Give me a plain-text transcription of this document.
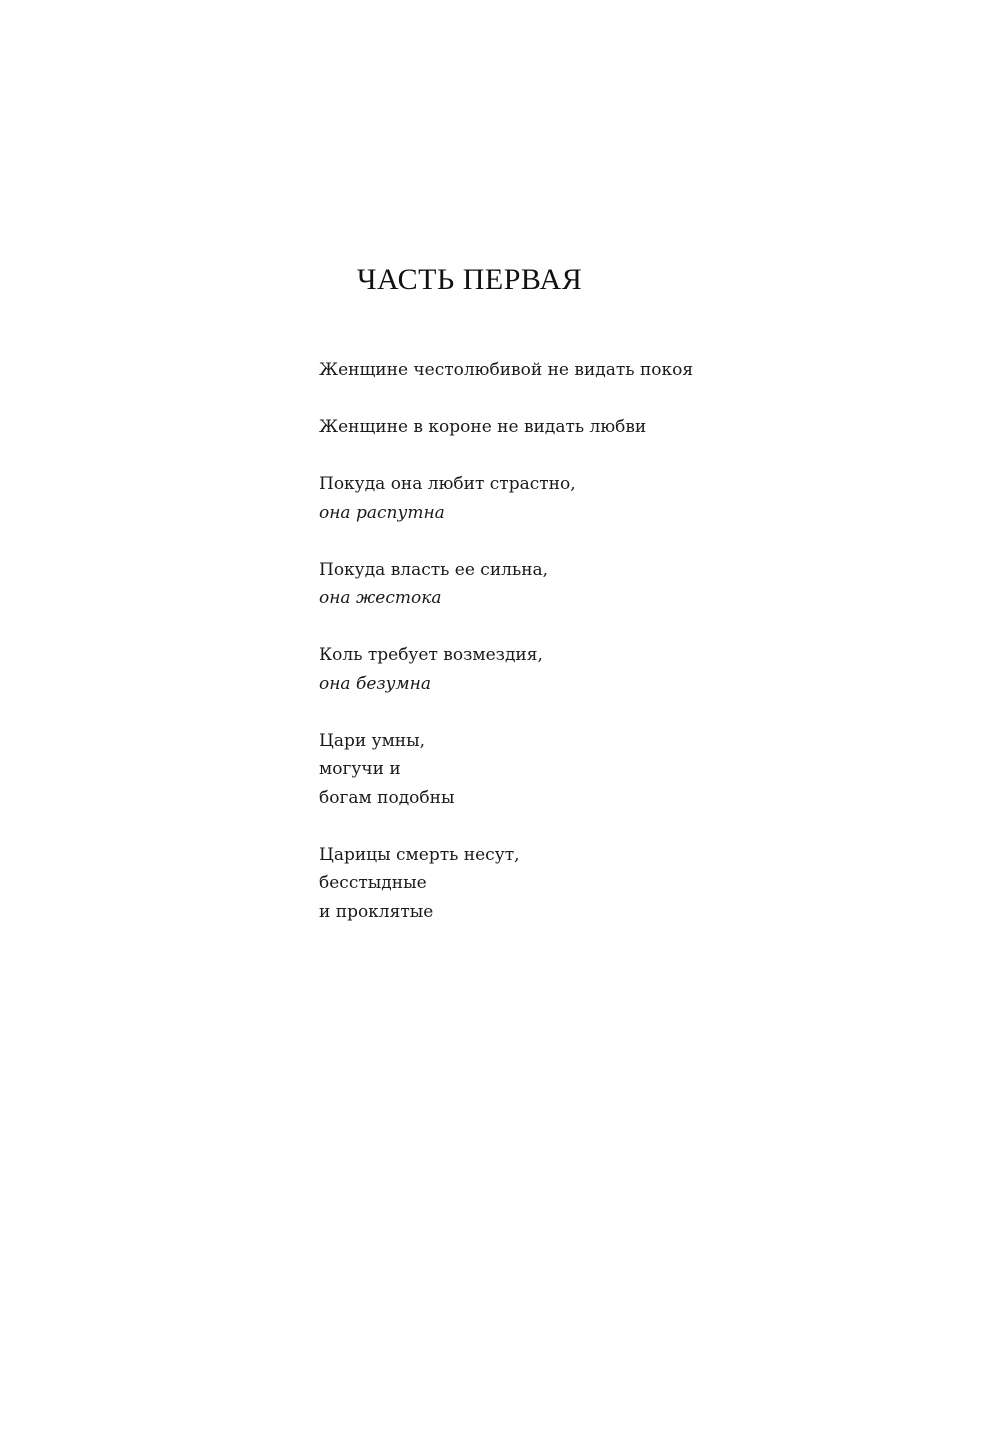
ЧАСТЬ ПЕРВАЯ
Женщине честолюбивой не видать покоя
Женщине в короне не видать любви
Покуда она любит страстно,
она распутна
Покуда власть ее сильна,
она жестока
Коль требует возмездия,
она безумна
Цари умны,
могучи и
богам подобны
Царицы смерть несут,
бесстыдные
и проклятые
